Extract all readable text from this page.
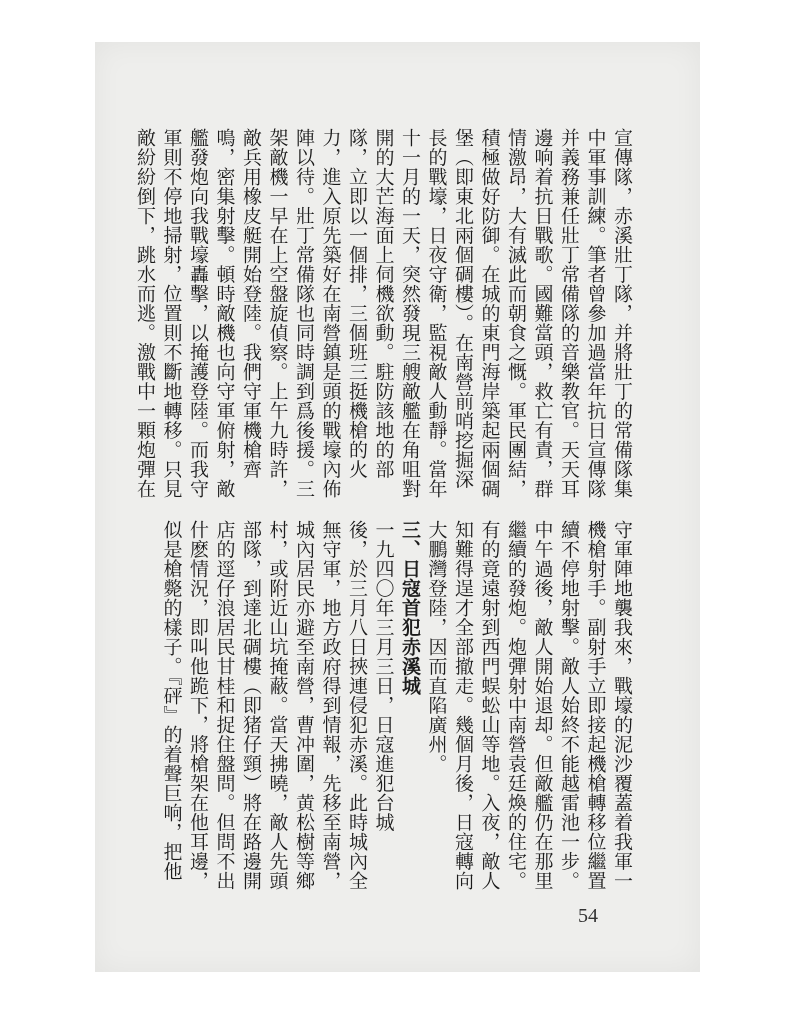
宣傳隊，赤溪壯丁隊，并將壯丁的常備隊集
中軍事訓練。筆者曾參加過當年抗日宣傳隊
并義務兼任壯丁常備隊的音樂教官。天天耳
邊响着抗日戰歌。國難當頭，救亡有責，群
情激昂，大有滅此而朝食之慨。軍民團結，
積極做好防御。在城的東門海岸築起兩個碉
堡（即東北兩個碉樓）。在南營前哨挖掘深
長的戰壕，日夜守衛，監視敵人動靜。當年
十一月的一天，突然發現三艘敵艦在角咀對
開的大芒海面上伺機欲動。駐防該地的部
隊，立即以一個排，三個班三挺機槍的火
力，進入原先築好在南營鎮是頭的戰壕內佈
陣以待。壯丁常備隊也同時調到爲後援。三
架敵機一早在上空盤旋偵察。上午九時許，
敵兵用橡皮艇開始登陸。我們守軍機槍齊
鳴，密集射擊。頓時敵機也向守軍俯射，敵
艦發炮向我戰壕轟擊，以掩護登陸。而我守
軍則不停地掃射，位置則不斷地轉移。只見
敵紛紛倒下，跳水而逃。激戰中一顆炮彈在
守軍陣地襲我來，戰壕的泥沙覆蓋着我軍一
機槍射手。副射手立即接起機槍轉移位繼置
續不停地射擊。敵人始終不能越雷池一步。
中午過後，敵人開始退却。但敵艦仍在那里
繼續的發炮。炮彈射中南營袁廷煥的住宅。
有的竟遠射到西門蜈蚣山等地。入夜，敵人
知難得逞才全部撤走。幾個月後，日寇轉向
大鵬灣登陸，因而直陷廣州。
三、日寇首犯赤溪城
一九四〇年三月三日，日寇進犯台城
後，於三月八日挾連侵犯赤溪。此時城內全
無守軍，地方政府得到情報，先移至南營，
城內居民亦避至南營，曹冲圍，黄松樹等鄉
村，或附近山坑掩蔽。當天拂曉，敵人先頭
部隊，到達北碉樓（即猪仔頸）將在路邊開
店的逕仔浪居民甘桂和捉住盤問。但問不出
什麽情況，即叫他跪下，將槍架在他耳邊，
似是槍斃的樣子。『砰』的着聲巨响，把他
54
